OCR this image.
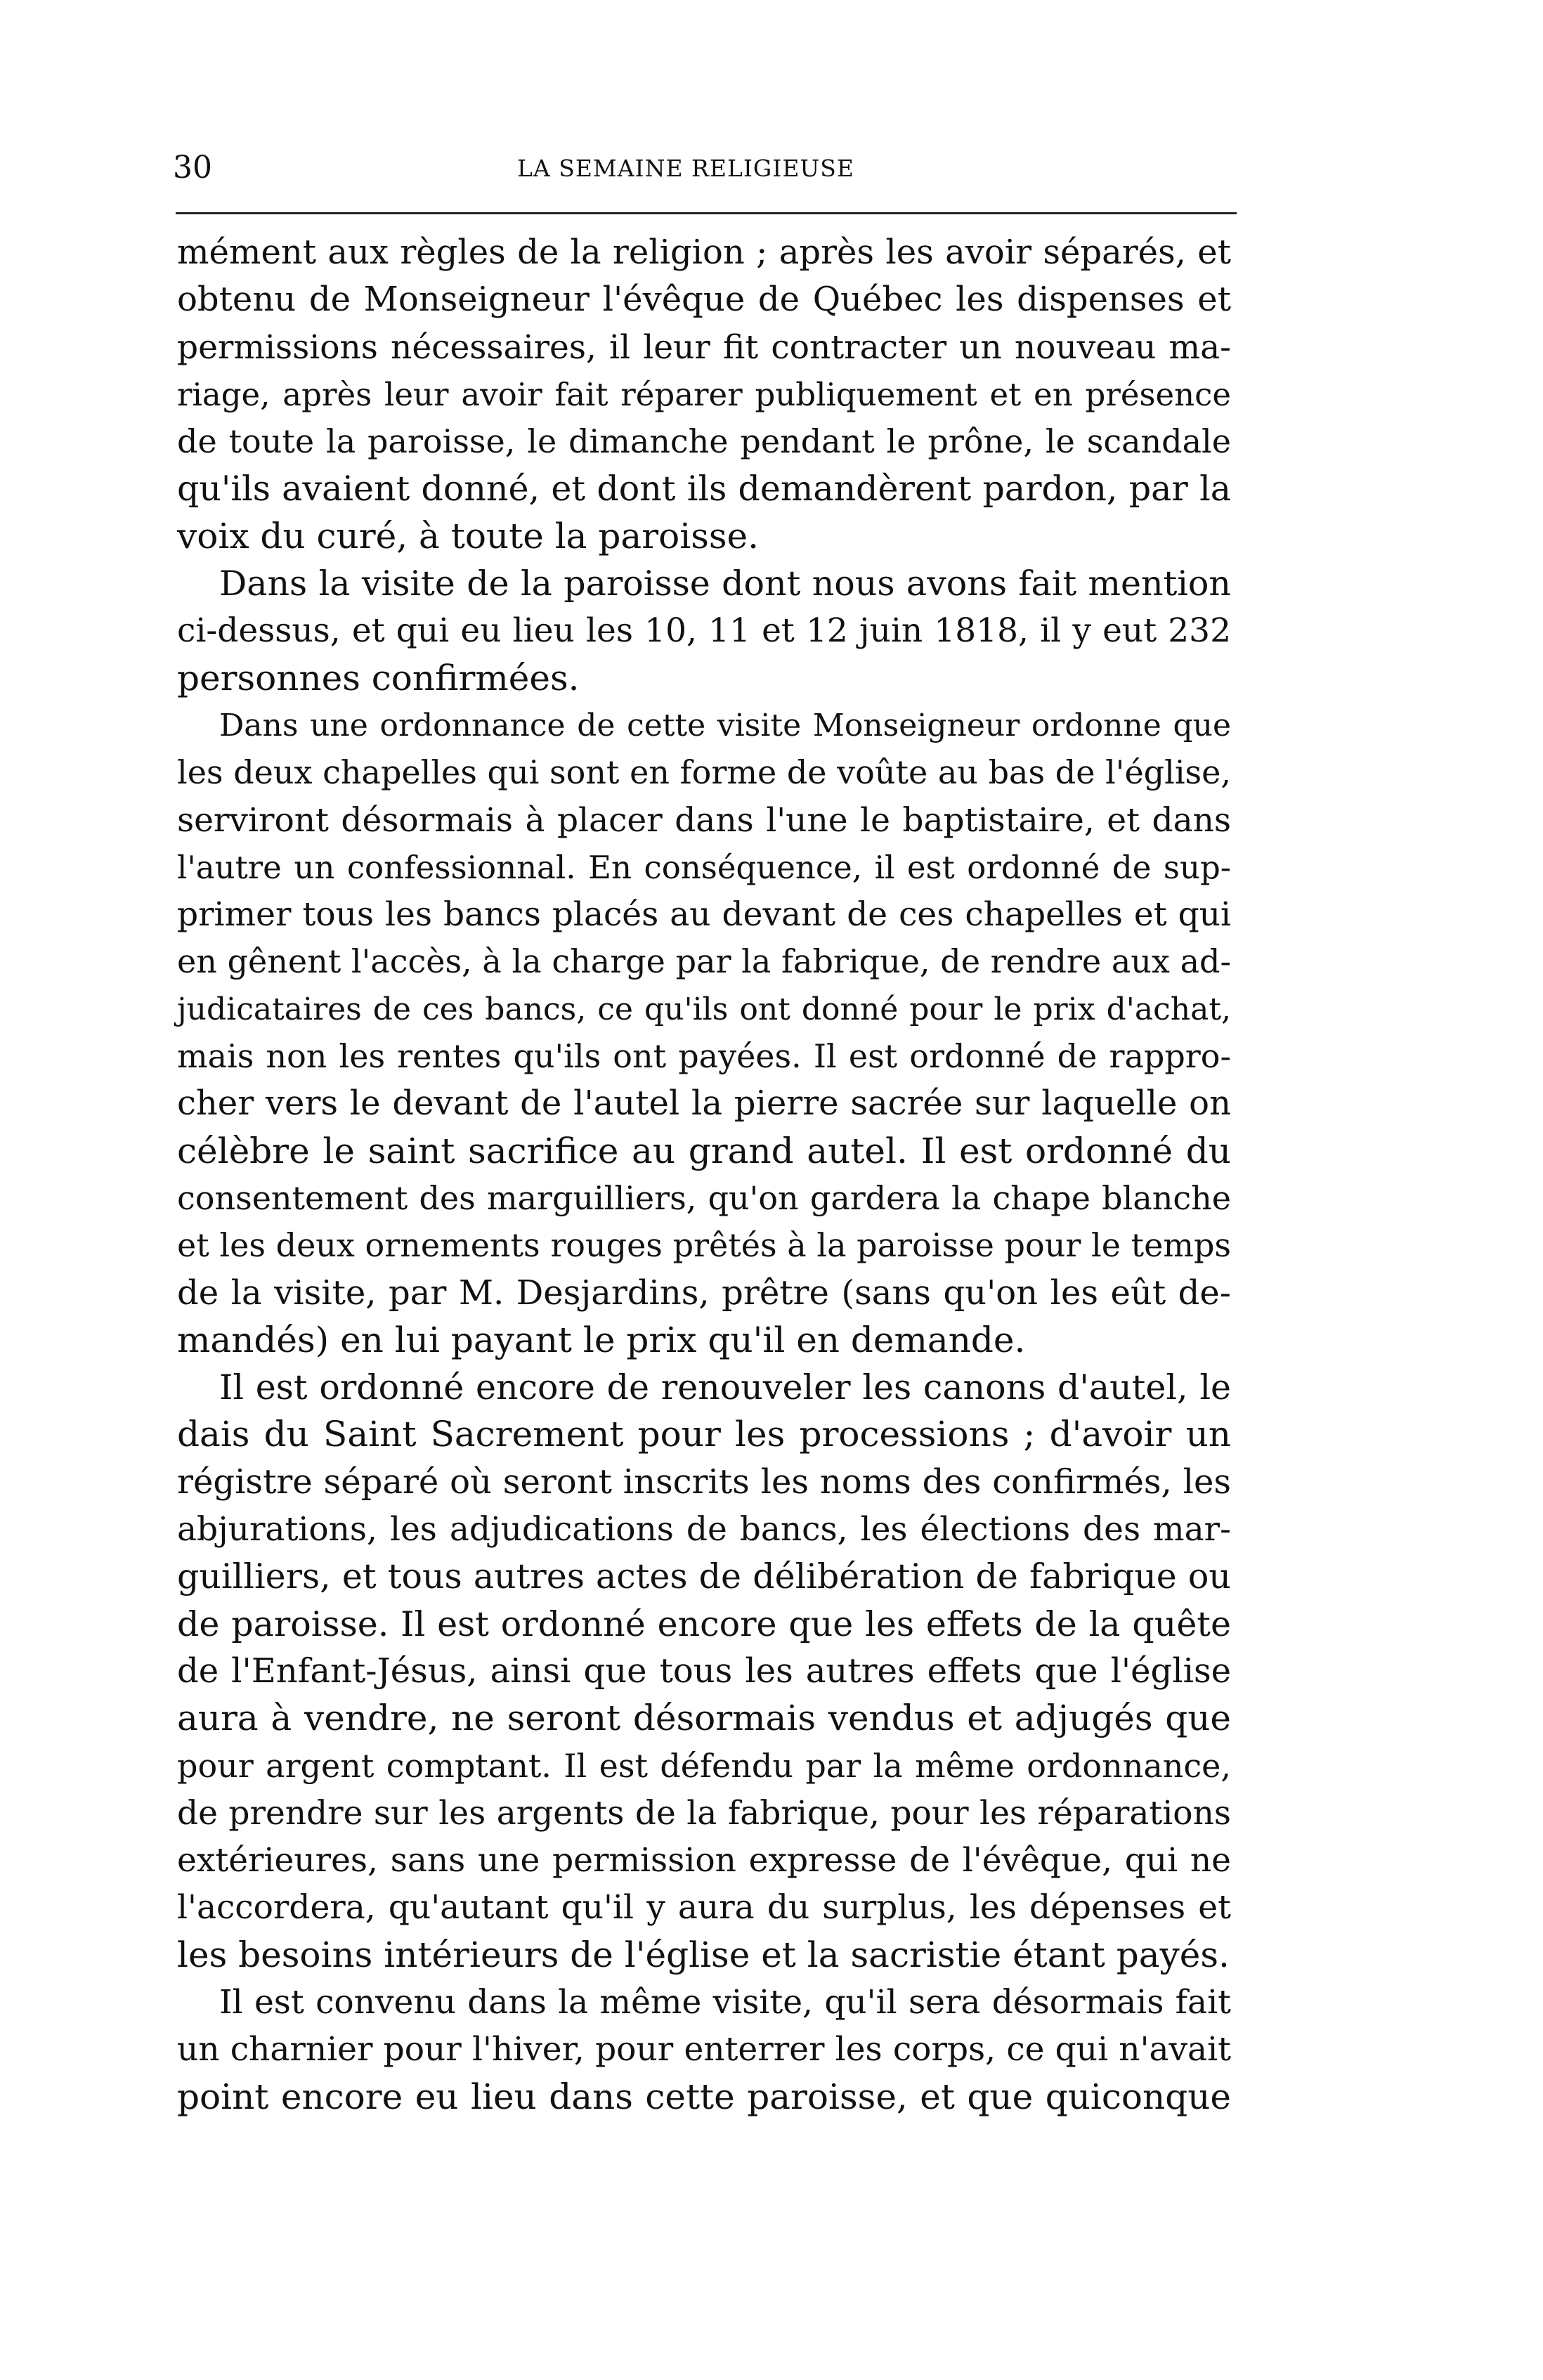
30	LA SEMAINE RELIGIEUSE
mément aux règles de la religion ; après les avoir séparés, et
obtenu de Monseigneur l'évêque de Québec les dispenses et
permissions nécessaires, il leur fit contracter un nouveau ma-
riage, après leur avoir fait réparer publiquement et en présence
de toute la paroisse, le dimanche pendant le prône, le scandale
qu'ils avaient donné, et dont ils demandèrent pardon, par la
voix du curé, à toute la paroisse.
Dans la visite de la paroisse dont nous avons fait mention
ci-dessus, et qui eu lieu les 10, 11 et 12 juin 1818, il y eut 232
personnes confirmées.
Dans une ordonnance de cette visite Monseigneur ordonne que
les deux chapelles qui sont en forme de voûte au bas de l'église,
serviront désormais à placer dans l'une le baptistaire, et dans
l'autre un confessionnal. En conséquence, il est ordonné de sup-
primer tous les bancs placés au devant de ces chapelles et qui
en gênent l'accès, à la charge par la fabrique, de rendre aux ad-
judicataires de ces bancs, ce qu'ils ont donné pour le prix d'achat,
mais non les rentes qu'ils ont payées. Il est ordonné de rappro-
cher vers le devant de l'autel la pierre sacrée sur laquelle on
célèbre le saint sacrifice au grand autel. Il est ordonné du
consentement des marguilliers, qu'on gardera la chape blanche
et les deux ornements rouges prêtés à la paroisse pour le temps
de la visite, par M. Desjardins, prêtre (sans qu'on les eût de-
mandés) en lui payant le prix qu'il en demande.
Il est ordonné encore de renouveler les canons d'autel, le
dais du Saint Sacrement pour les processions ; d'avoir un
régistre séparé où seront inscrits les noms des confirmés, les
abjurations, les adjudications de bancs, les élections des mar-
guilliers, et tous autres actes de délibération de fabrique ou
de paroisse. Il est ordonné encore que les effets de la quête
de l'Enfant-Jésus, ainsi que tous les autres effets que l'église
aura à vendre, ne seront désormais vendus et adjugés que
pour argent comptant. Il est défendu par la même ordonnance,
de prendre sur les argents de la fabrique, pour les réparations
extérieures, sans une permission expresse de l'évêque, qui ne
l'accordera, qu'autant qu'il y aura du surplus, les dépenses et
les besoins intérieurs de l'église et la sacristie étant payés.
Il est convenu dans la même visite, qu'il sera désormais fait
un charnier pour l'hiver, pour enterrer les corps, ce qui n'avait
point encore eu lieu dans cette paroisse, et que quiconque
